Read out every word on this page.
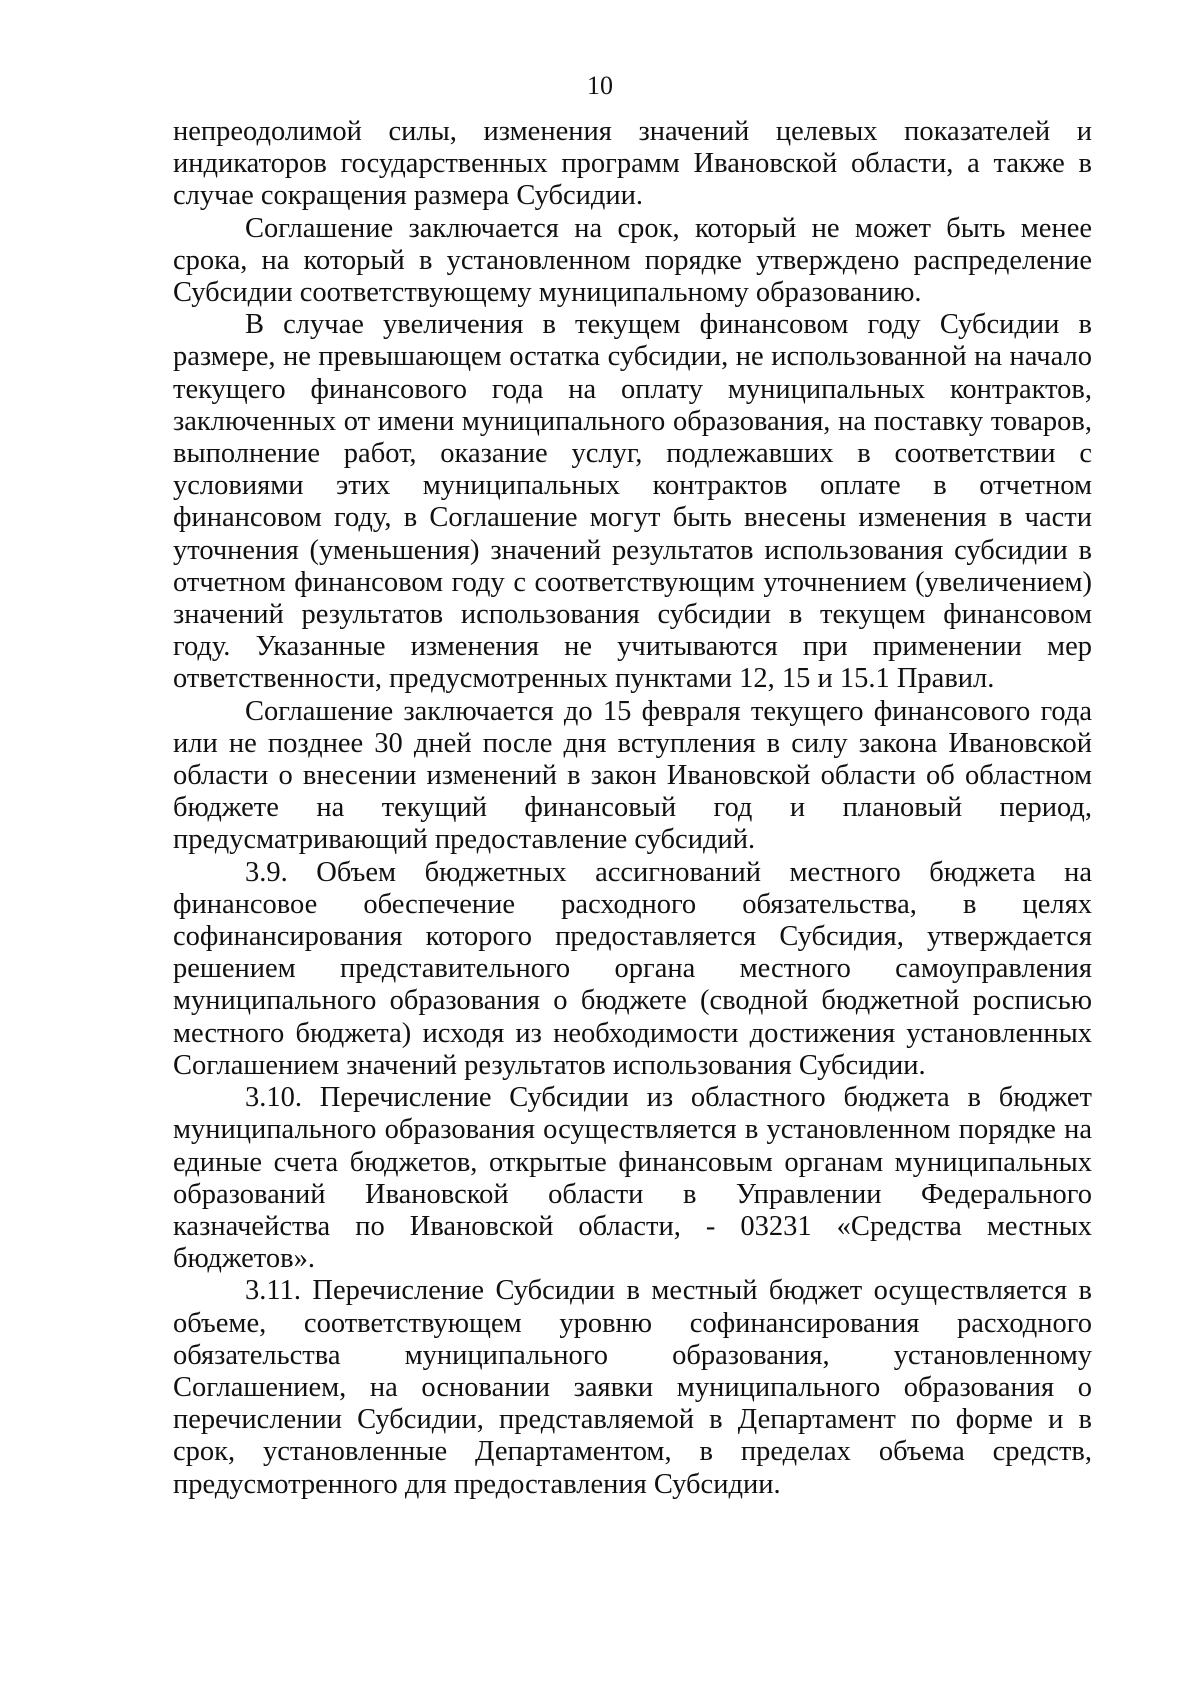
10

непреодолимой силы, изменения значений целевых показателей и индикаторов государственных программ Ивановской области, а также в случае сокращения размера Субсидии.

Соглашение заключается на срок, который не может быть менее срока, на который в установленном порядке утверждено распределение Субсидии соответствующему муниципальному образованию.

В случае увеличения в текущем финансовом году Субсидии в размере, не превышающем остатка субсидии, не использованной на начало текущего финансового года на оплату муниципальных контрактов, заключенных от имени муниципального образования, на поставку товаров, выполнение работ, оказание услуг, подлежавших в соответствии с условиями этих муниципальных контрактов оплате в отчетном финансовом году, в Соглашение могут быть внесены изменения в части уточнения (уменьшения) значений результатов использования субсидии в отчетном финансовом году с соответствующим уточнением (увеличением) значений результатов использования субсидии в текущем финансовом году. Указанные изменения не учитываются при применении мер ответственности, предусмотренных пунктами 12, 15 и 15.1 Правил.

Соглашение заключается до 15 февраля текущего финансового года или не позднее 30 дней после дня вступления в силу закона Ивановской области о внесении изменений в закон Ивановской области об областном бюджете на текущий финансовый год и плановый период, предусматривающий предоставление субсидий.

3.9. Объем бюджетных ассигнований местного бюджета на финансовое обеспечение расходного обязательства, в целях софинансирования которого предоставляется Субсидия, утверждается решением представительного органа местного самоуправления муниципального образования о бюджете (сводной бюджетной росписью местного бюджета) исходя из необходимости достижения установленных Соглашением значений результатов использования Субсидии.

3.10. Перечисление Субсидии из областного бюджета в бюджет муниципального образования осуществляется в установленном порядке на единые счета бюджетов, открытые финансовым органам муниципальных образований Ивановской области в Управлении Федерального казначейства по Ивановской области, - 03231 «Средства местных бюджетов».

3.11. Перечисление Субсидии в местный бюджет осуществляется в объеме, соответствующем уровню софинансирования расходного обязательства муниципального образования, установленному Соглашением, на основании заявки муниципального образования о перечислении Субсидии, представляемой в Департамент по форме и в срок, установленные Департаментом, в пределах объема средств, предусмотренного для предоставления Субсидии.
